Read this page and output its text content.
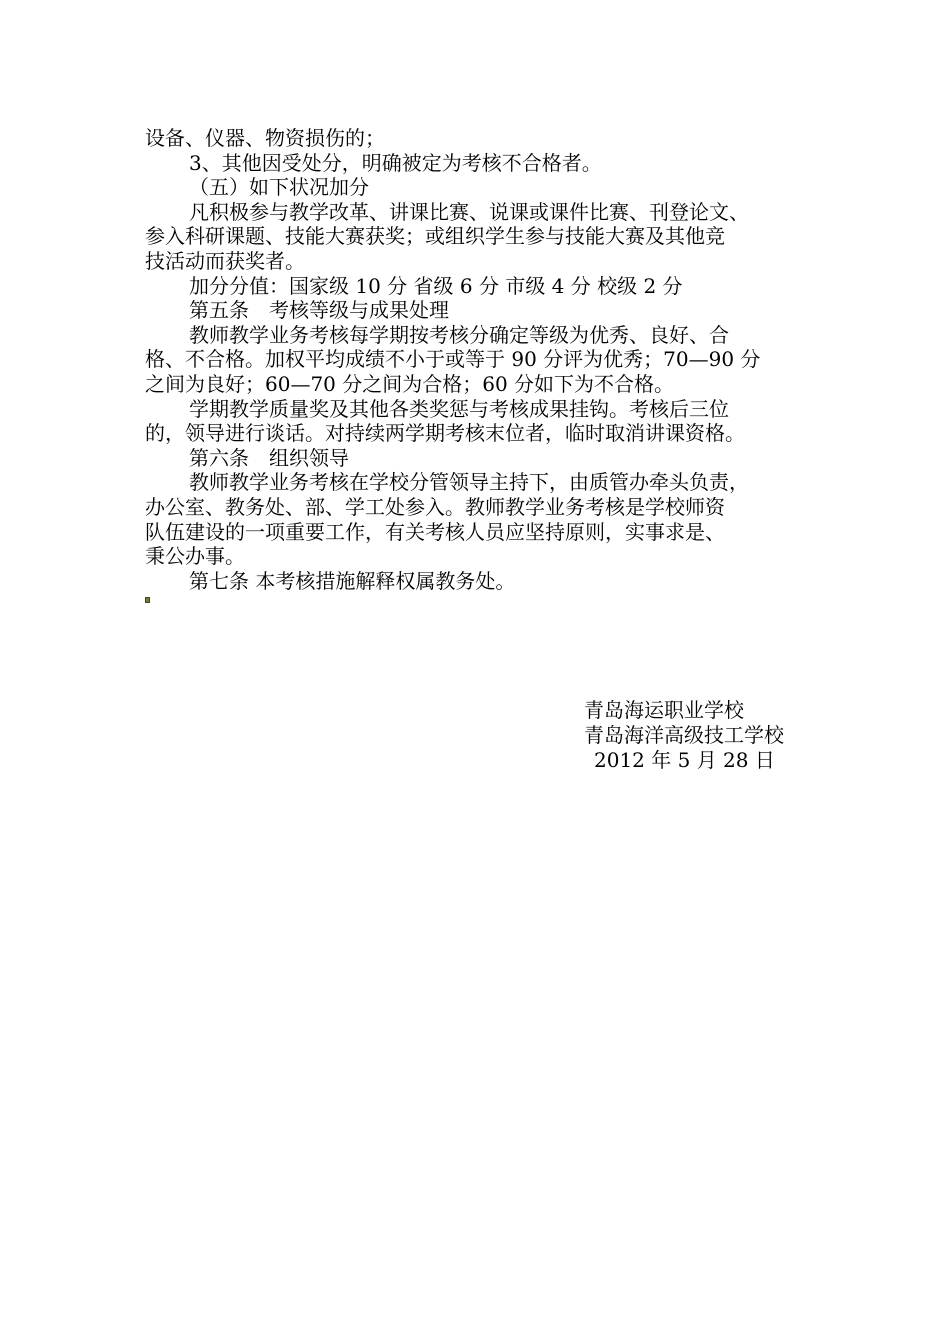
设备、仪器、物资损伤的；
3、其他因受处分，明确被定为考核不合格者。
（五）如下状况加分
凡积极参与教学改革、讲课比赛、说课或课件比赛、刊登论文、
参入科研课题、技能大赛获奖；或组织学生参与技能大赛及其他竞
技活动而获奖者。
加分分值：国家级 10 分 省级 6 分 市级 4 分 校级 2 分
第五条　考核等级与成果处理
教师教学业务考核每学期按考核分确定等级为优秀、良好、合
格、不合格。加权平均成绩不小于或等于 90 分评为优秀；70—90 分
之间为良好；60—70 分之间为合格；60 分如下为不合格。
学期教学质量奖及其他各类奖惩与考核成果挂钩。考核后三位
的，领导进行谈话。对持续两学期考核末位者，临时取消讲课资格。
第六条　组织领导
教师教学业务考核在学校分管领导主持下，由质管办牵头负责，
办公室、教务处、部、学工处参入。教师教学业务考核是学校师资
队伍建设的一项重要工作，有关考核人员应坚持原则，实事求是、
秉公办事。
第七条 本考核措施解释权属教务处。
青岛海运职业学校
青岛海洋高级技工学校
2012 年 5 月 28 日
